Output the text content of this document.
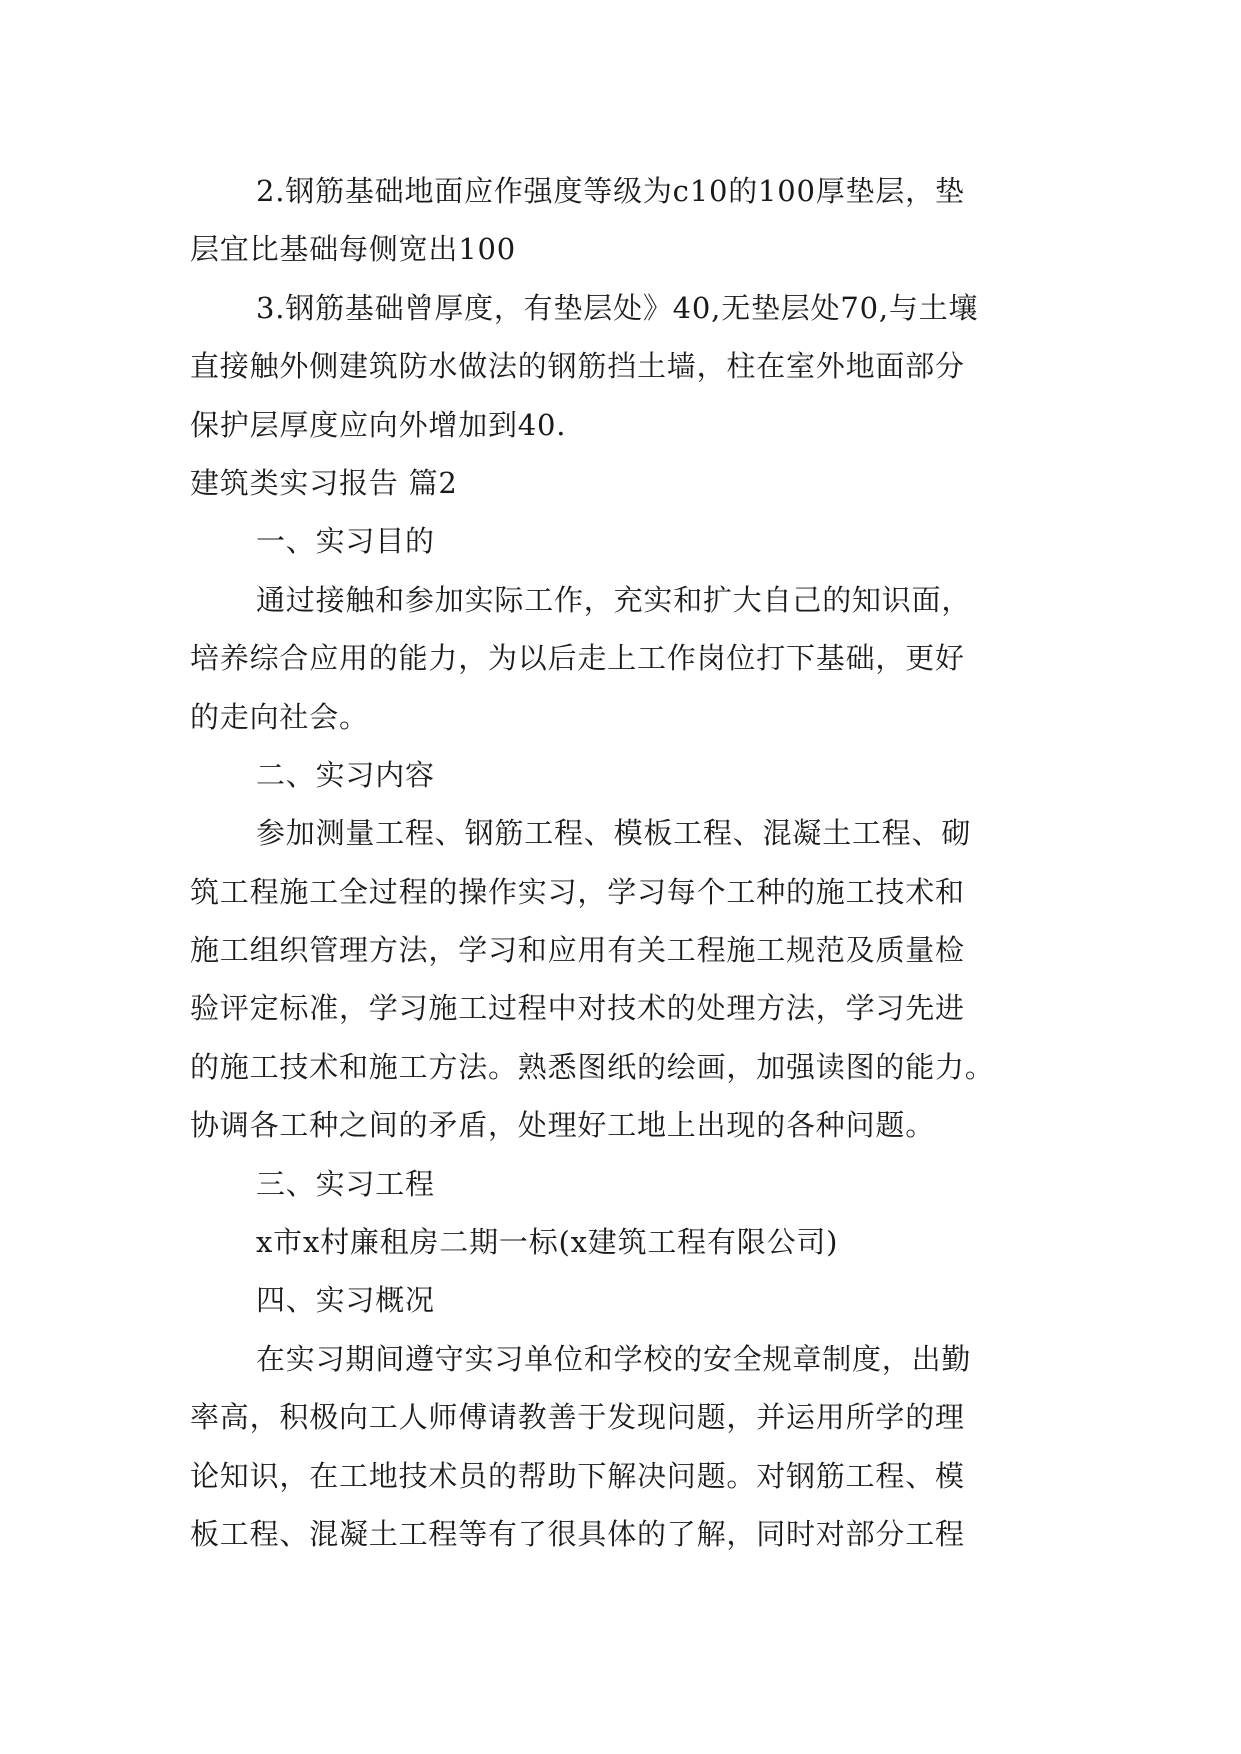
2.钢筋基础地面应作强度等级为c10的100厚垫层，垫
层宜比基础每侧宽出100
3.钢筋基础曾厚度，有垫层处》40,无垫层处70,与土壤
直接触外侧建筑防水做法的钢筋挡土墙，柱在室外地面部分
保护层厚度应向外增加到40.
建筑类实习报告 篇2
一、实习目的
通过接触和参加实际工作，充实和扩大自己的知识面，
培养综合应用的能力，为以后走上工作岗位打下基础，更好
的走向社会。
二、实习内容
参加测量工程、钢筋工程、模板工程、混凝土工程、砌
筑工程施工全过程的操作实习，学习每个工种的施工技术和
施工组织管理方法，学习和应用有关工程施工规范及质量检
验评定标准，学习施工过程中对技术的处理方法，学习先进
的施工技术和施工方法。熟悉图纸的绘画，加强读图的能力。
协调各工种之间的矛盾，处理好工地上出现的各种问题。
三、实习工程
x市x村廉租房二期一标(x建筑工程有限公司)
四、实习概况
在实习期间遵守实习单位和学校的安全规章制度，出勤
率高，积极向工人师傅请教善于发现问题，并运用所学的理
论知识，在工地技术员的帮助下解决问题。对钢筋工程、模
板工程、混凝土工程等有了很具体的了解，同时对部分工程
